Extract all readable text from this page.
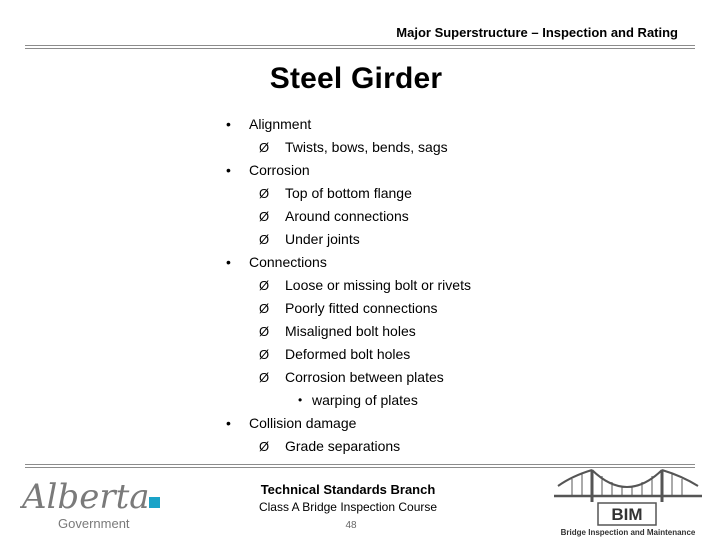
Major Superstructure – Inspection and Rating
Steel Girder
• Alignment
Ø Twists, bows, bends, sags
• Corrosion
Ø Top of bottom flange
Ø Around connections
Ø Under joints
• Connections
Ø Loose or missing bolt or rivets
Ø Poorly fitted connections
Ø Misaligned bolt holes
Ø Deformed bolt holes
Ø Corrosion between plates
• warping of plates
• Collision damage
Ø Grade separations
Alberta
Government
Technical Standards Branch
Class A Bridge Inspection Course
48
BIM
Bridge Inspection and Maintenance
